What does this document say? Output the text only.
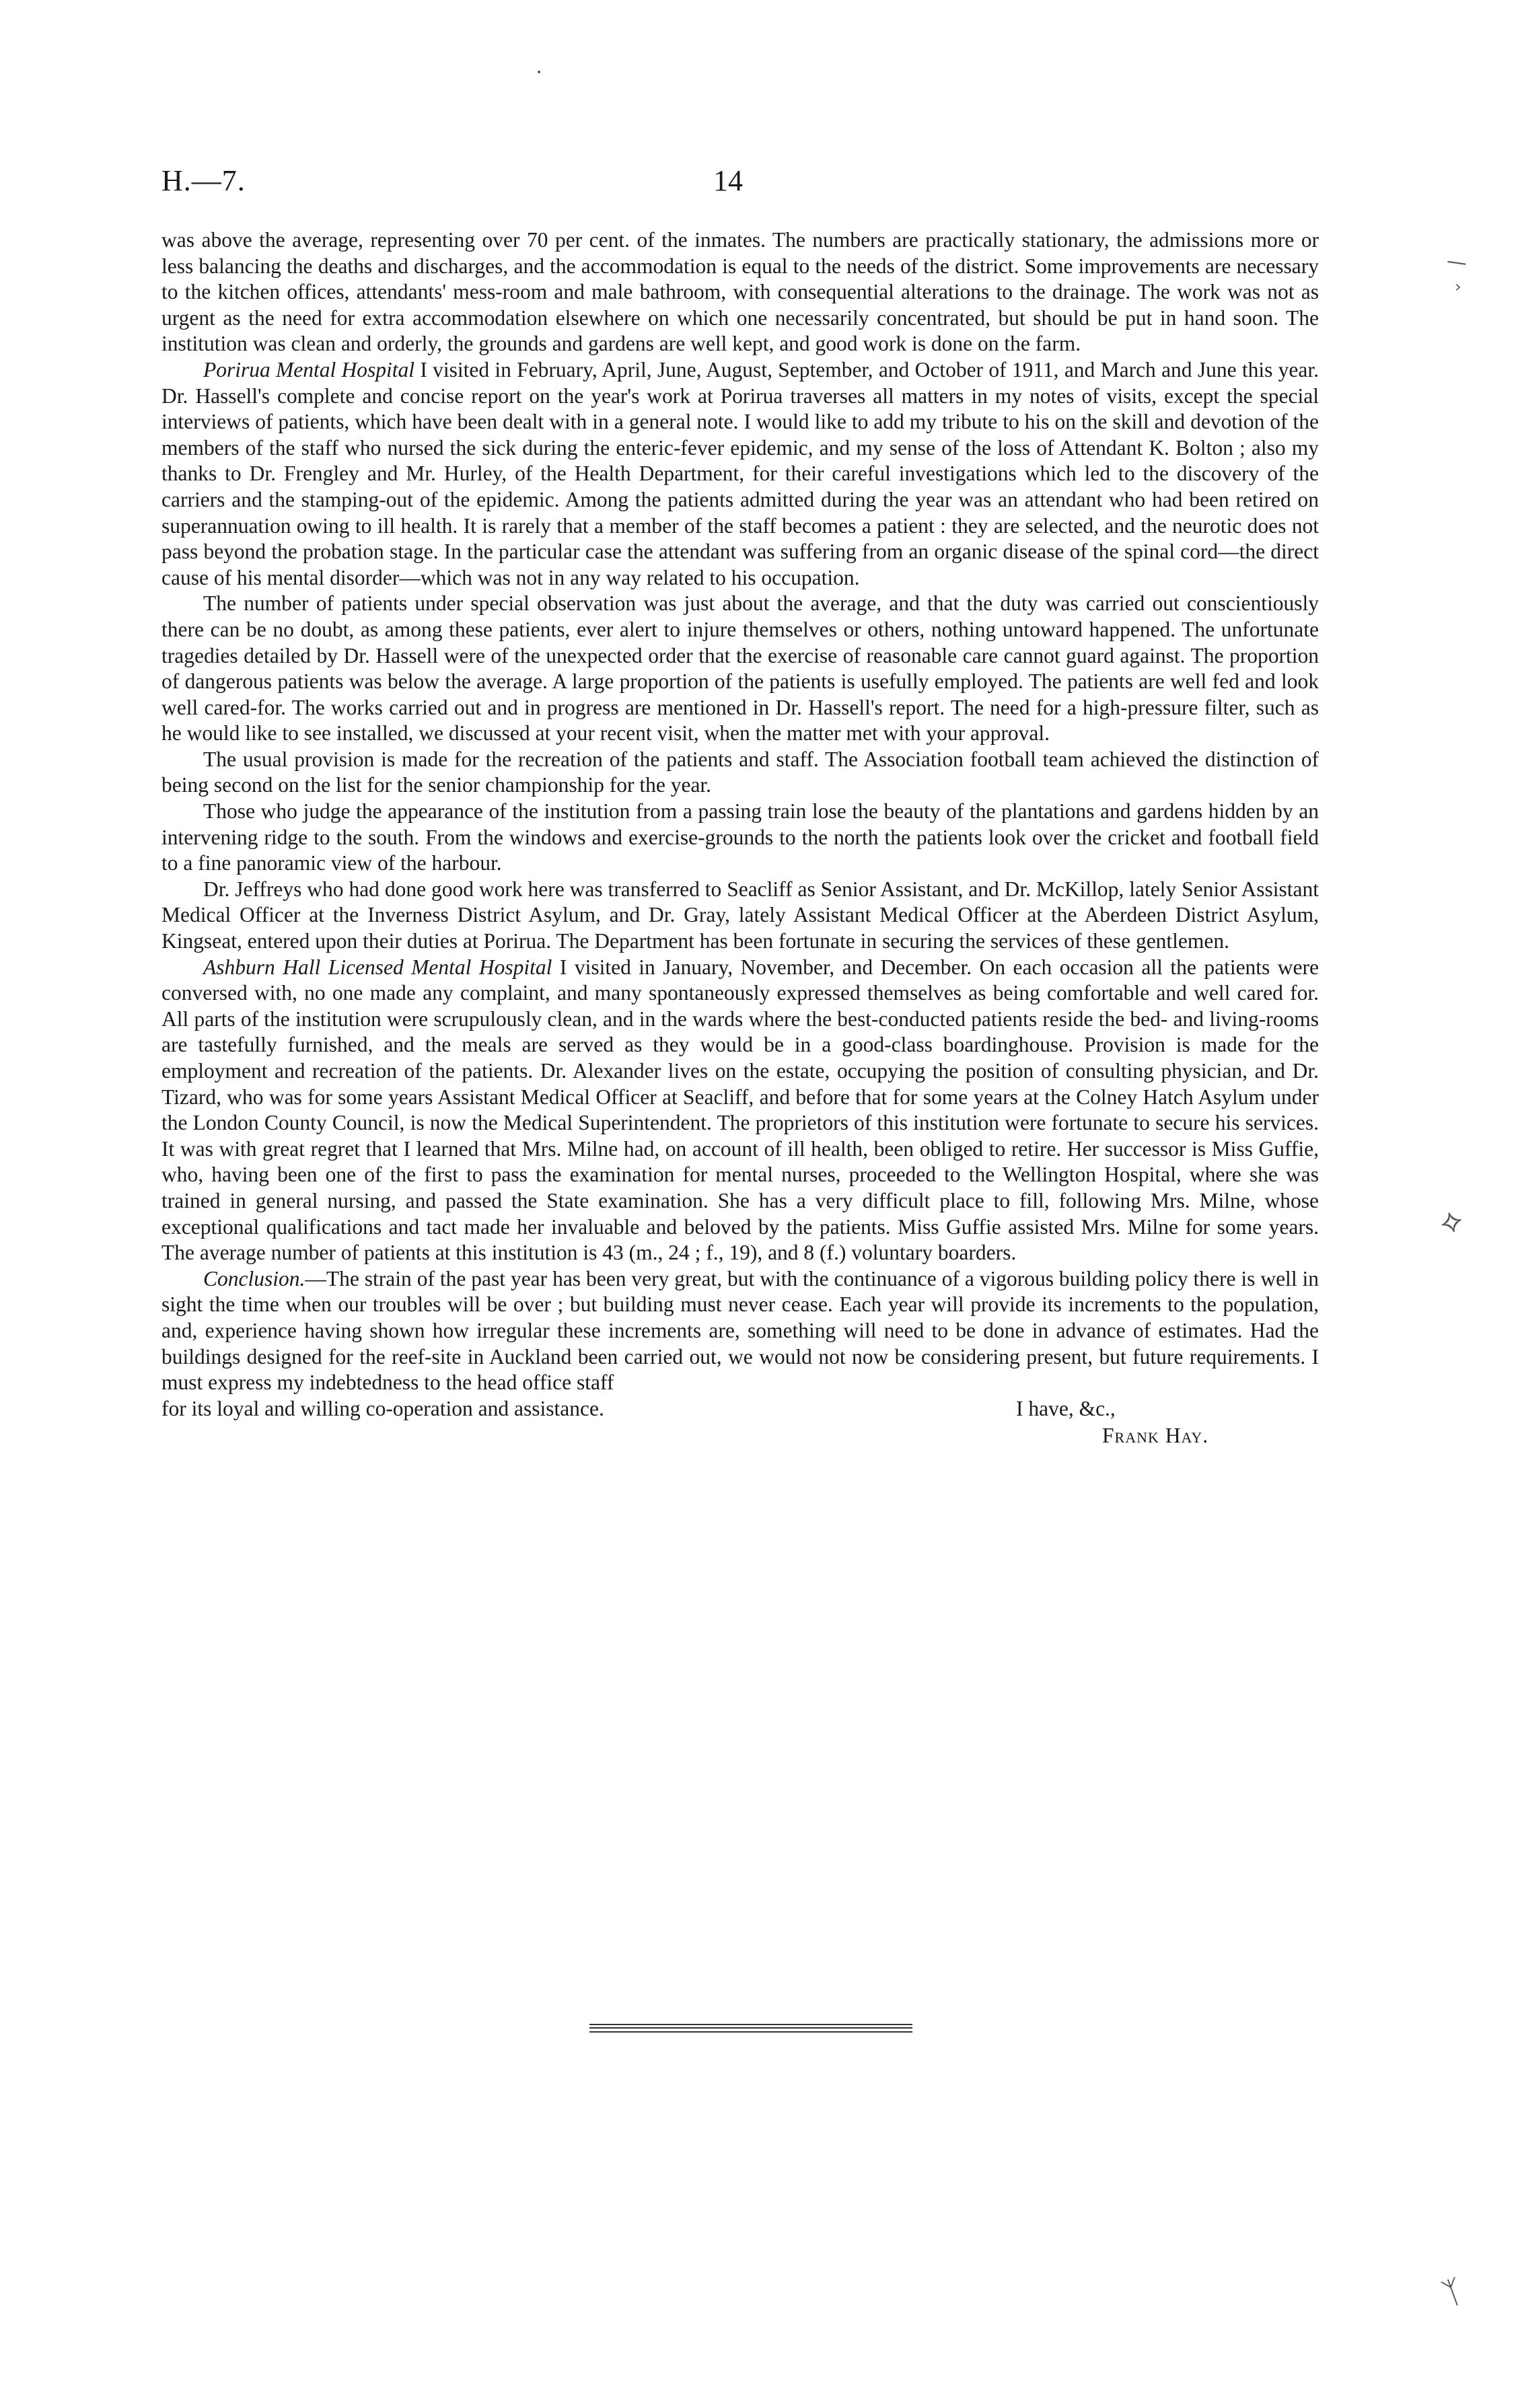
H.—7.	14

was above the average, representing over 70 per cent. of the inmates. The numbers are practically stationary, the admissions more or less balancing the deaths and discharges, and the accommodation is equal to the needs of the district. Some improvements are necessary to the kitchen offices, attendants' mess-room and male bathroom, with consequential alterations to the drainage. The work was not as urgent as the need for extra accommodation elsewhere on which one necessarily concentrated, but should be put in hand soon. The institution was clean and orderly, the grounds and gardens are well kept, and good work is done on the farm.

Porirua Mental Hospital I visited in February, April, June, August, September, and October of 1911, and March and June this year. Dr. Hassell's complete and concise report on the year's work at Porirua traverses all matters in my notes of visits, except the special interviews of patients, which have been dealt with in a general note. I would like to add my tribute to his on the skill and devotion of the members of the staff who nursed the sick during the enteric-fever epidemic, and my sense of the loss of Attendant K. Bolton ; also my thanks to Dr. Frengley and Mr. Hurley, of the Health Department, for their careful investigations which led to the discovery of the carriers and the stamping-out of the epidemic. Among the patients admitted during the year was an attendant who had been retired on superannuation owing to ill health. It is rarely that a member of the staff becomes a patient : they are selected, and the neurotic does not pass beyond the probation stage. In the particular case the attendant was suffering from an organic disease of the spinal cord—the direct cause of his mental disorder—which was not in any way related to his occupation.

The number of patients under special observation was just about the average, and that the duty was carried out conscientiously there can be no doubt, as among these patients, ever alert to injure themselves or others, nothing untoward happened. The unfortunate tragedies detailed by Dr. Hassell were of the unexpected order that the exercise of reasonable care cannot guard against. The proportion of dangerous patients was below the average. A large proportion of the patients is usefully employed. The patients are well fed and look well cared-for. The works carried out and in progress are mentioned in Dr. Hassell's report. The need for a high-pressure filter, such as he would like to see installed, we discussed at your recent visit, when the matter met with your approval.

The usual provision is made for the recreation of the patients and staff. The Association football team achieved the distinction of being second on the list for the senior championship for the year.

Those who judge the appearance of the institution from a passing train lose the beauty of the plantations and gardens hidden by an intervening ridge to the south. From the windows and exercise-grounds to the north the patients look over the cricket and football field to a fine panoramic view of the harbour.

Dr. Jeffreys who had done good work here was transferred to Seacliff as Senior Assistant, and Dr. McKillop, lately Senior Assistant Medical Officer at the Inverness District Asylum, and Dr. Gray, lately Assistant Medical Officer at the Aberdeen District Asylum, Kingseat, entered upon their duties at Porirua. The Department has been fortunate in securing the services of these gentlemen.

Ashburn Hall Licensed Mental Hospital I visited in January, November, and December. On each occasion all the patients were conversed with, no one made any complaint, and many spontaneously expressed themselves as being comfortable and well cared for. All parts of the institution were scrupulously clean, and in the wards where the best-conducted patients reside the bed- and living-rooms are tastefully furnished, and the meals are served as they would be in a good-class boardinghouse. Provision is made for the employment and recreation of the patients. Dr. Alexander lives on the estate, occupying the position of consulting physician, and Dr. Tizard, who was for some years Assistant Medical Officer at Seacliff, and before that for some years at the Colney Hatch Asylum under the London County Council, is now the Medical Superintendent. The proprietors of this institution were fortunate to secure his services. It was with great regret that I learned that Mrs. Milne had, on account of ill health, been obliged to retire. Her successor is Miss Guffie, who, having been one of the first to pass the examination for mental nurses, proceeded to the Wellington Hospital, where she was trained in general nursing, and passed the State examination. She has a very difficult place to fill, following Mrs. Milne, whose exceptional qualifications and tact made her invaluable and beloved by the patients. Miss Guffie assisted Mrs. Milne for some years. The average number of patients at this institution is 43 (m., 24 ; f., 19), and 8 (f.) voluntary boarders.

Conclusion.—The strain of the past year has been very great, but with the continuance of a vigorous building policy there is well in sight the time when our troubles will be over ; but building must never cease. Each year will provide its increments to the population, and, experience having shown how irregular these increments are, something will need to be done in advance of estimates. Had the buildings designed for the reef-site in Auckland been carried out, we would not now be considering present, but future requirements. I must express my indebtedness to the head office staff

for its loyal and willing co-operation and assistance.	I have, &c.,
Frank Hay.
•
—
›
⟡
ᛉ
